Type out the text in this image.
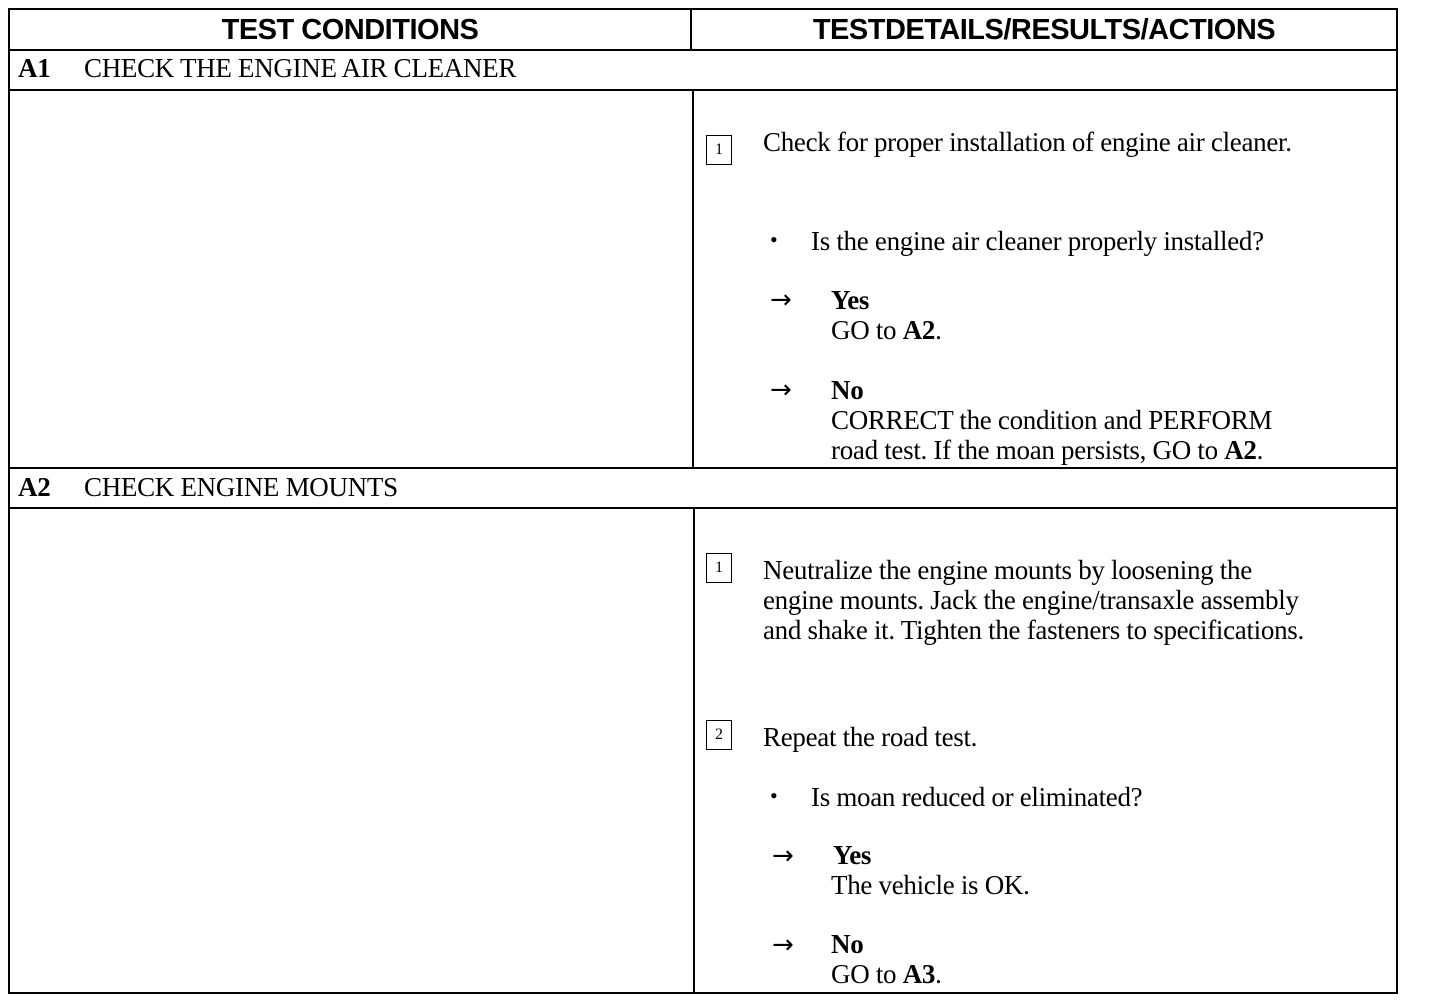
TEST CONDITIONS	TESTDETAILS/RESULTS/ACTIONS
A1 CHECK THE ENGINE AIR CLEANER
1	Check for proper installation of engine air cleaner.
• Is the engine air cleaner properly installed?
→ Yes
GO to A2.
→ No
CORRECT the condition and PERFORM
road test. If the moan persists, GO to A2.
A2 CHECK ENGINE MOUNTS
1	Neutralize the engine mounts by loosening the
engine mounts. Jack the engine/transaxle assembly
and shake it. Tighten the fasteners to specifications.
2	Repeat the road test.
• Is moan reduced or eliminated?
→ Yes
The vehicle is OK.
→ No
GO to A3.
